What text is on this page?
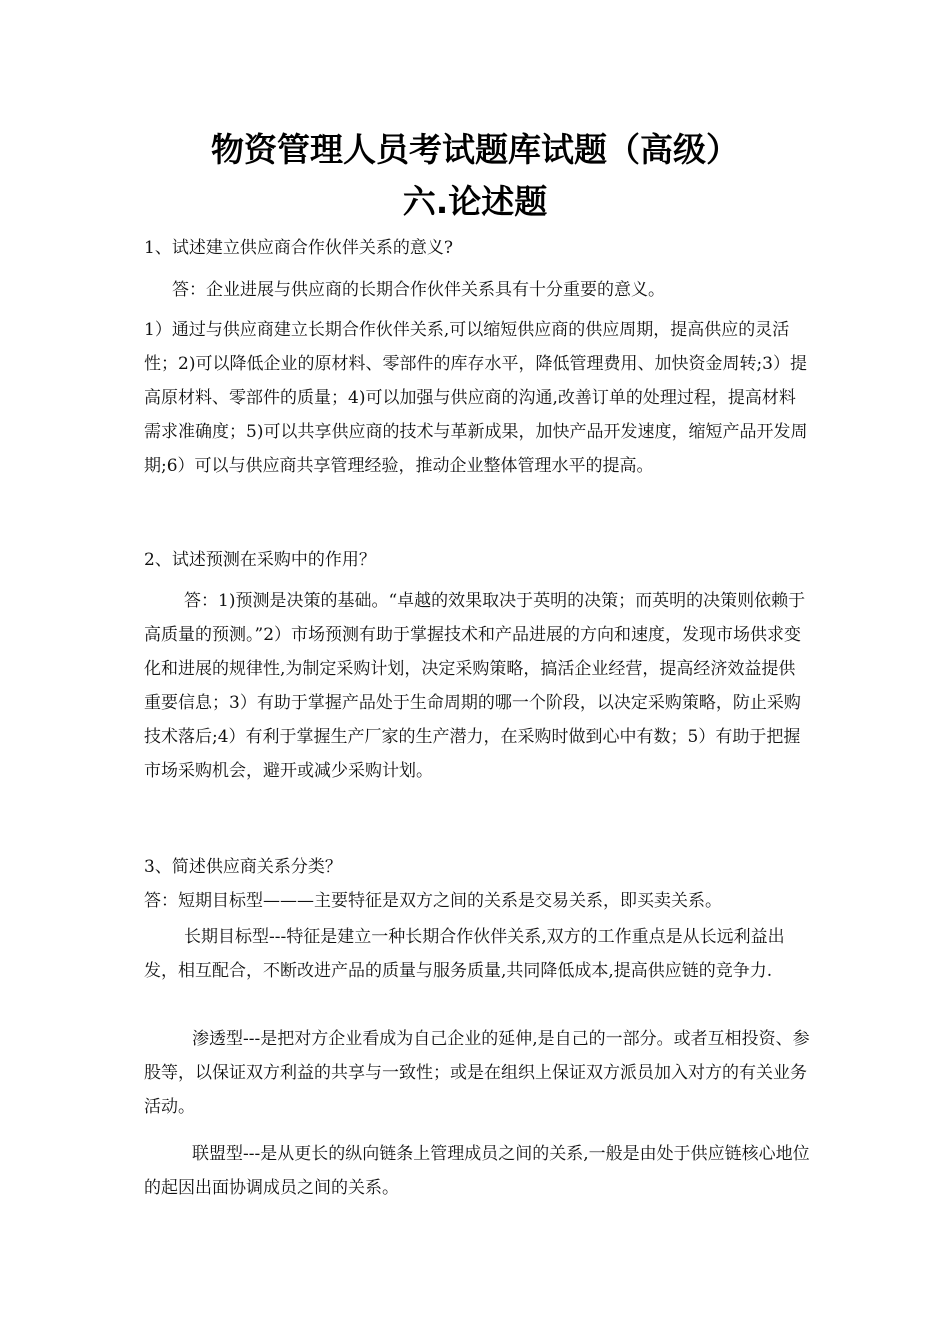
物资管理人员考试题库试题（高级）
六.论述题

1、试述建立供应商合作伙伴关系的意义?

答：企业进展与供应商的长期合作伙伴关系具有十分重要的意义。

1）通过与供应商建立长期合作伙伴关系,可以缩短供应商的供应周期，提高供应的灵活性；2)可以降低企业的原材料、零部件的库存水平，降低管理费用、加快资金周转;3）提高原材料、零部件的质量；4)可以加强与供应商的沟通,改善订单的处理过程，提高材料需求准确度；5)可以共享供应商的技术与革新成果，加快产品开发速度，缩短产品开发周期;6）可以与供应商共享管理经验，推动企业整体管理水平的提高。

2、试述预测在采购中的作用？

答：1)预测是决策的基础。“卓越的效果取决于英明的决策；而英明的决策则依赖于高质量的预测。”2）市场预测有助于掌握技术和产品进展的方向和速度，发现市场供求变化和进展的规律性,为制定采购计划，决定采购策略，搞活企业经营，提高经济效益提供重要信息；3）有助于掌握产品处于生命周期的哪一个阶段，以决定采购策略，防止采购技术落后;4）有利于掌握生产厂家的生产潜力，在采购时做到心中有数；5）有助于把握市场采购机会，避开或减少采购计划。

3、简述供应商关系分类？

答：短期目标型———主要特征是双方之间的关系是交易关系，即买卖关系。

长期目标型---特征是建立一种长期合作伙伴关系,双方的工作重点是从长远利益出发，相互配合，不断改进产品的质量与服务质量,共同降低成本,提高供应链的竞争力.

渗透型---是把对方企业看成为自己企业的延伸,是自己的一部分。或者互相投资、参股等，以保证双方利益的共享与一致性；或是在组织上保证双方派员加入对方的有关业务活动。

联盟型---是从更长的纵向链条上管理成员之间的关系,一般是由处于供应链核心地位的起因出面协调成员之间的关系。
